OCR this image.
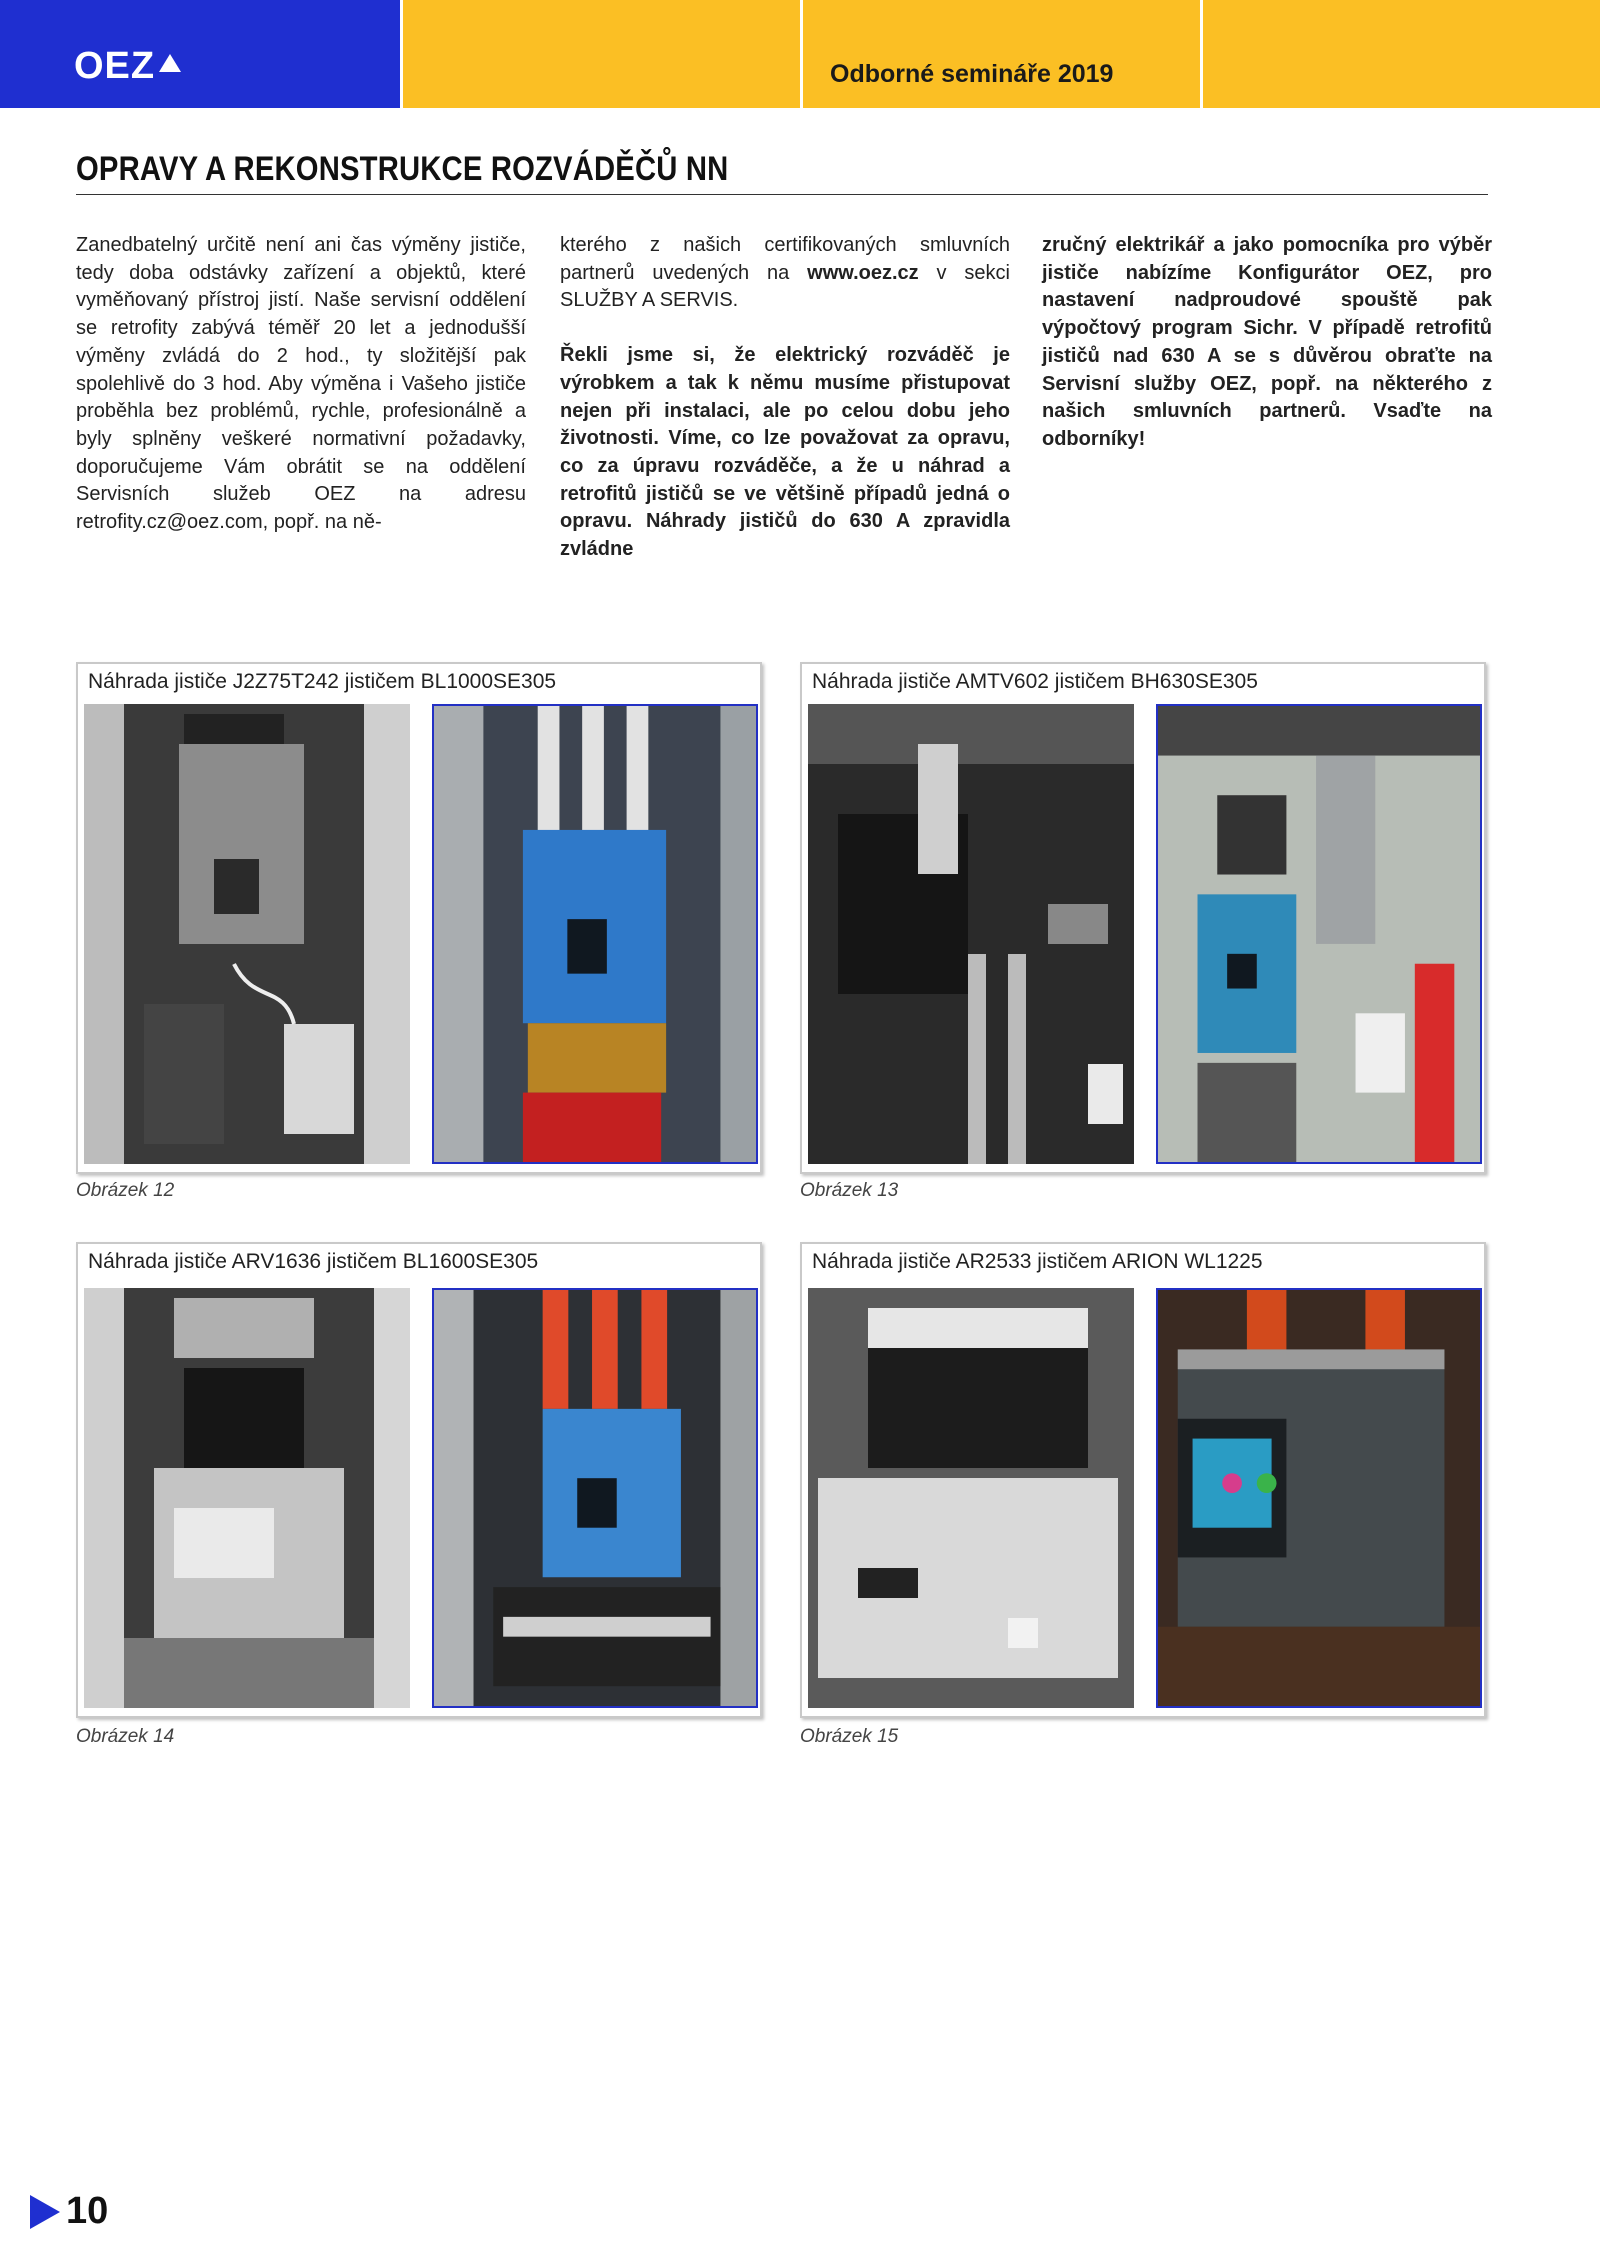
OEZ	Odborné semináře 2019
OPRAVY A REKONSTRUKCE ROZVÁDĚČŮ NN

Zanedbatelný určitě není ani čas výměny jističe, tedy doba odstávky zařízení a objektů, které vyměňovaný přístroj jistí. Naše servisní oddělení se retrofity zabývá téměř 20 let a jednodušší výměny zvládá do 2 hod., ty složitější pak spolehlivě do 3 hod. Aby výměna i Vašeho jističe proběhla bez problémů, rychle, profesionálně a byly splněny veškeré normativní požadavky, doporučujeme Vám obrátit se na oddělení Servisních služeb OEZ na adresu retrofity.cz@oez.com, popř. na ně-

kterého z našich certifikovaných smluvních partnerů uvedených na www.oez.cz v sekci SLUŽBY A SERVIS.

Řekli jsme si, že elektrický rozváděč je výrobkem a tak k němu musíme přistupovat nejen při instalaci, ale po celou dobu jeho životnosti. Víme, co lze považovat za opravu, co za úpravu rozváděče, a že u náhrad a retrofitů jističů se ve většině případů jedná o opravu. Náhrady jističů do 630 A zpravidla zvládne

zručný elektrikář a jako pomocníka pro výběr jističe nabízíme Konfigurátor OEZ, pro nastavení nadproudové spouště pak výpočtový program Sichr. V případě retrofitů jističů nad 630 A se s důvěrou obraťte na Servisní služby OEZ, popř. na některého z našich smluvních partnerů. Vsaďte na odborníky!

Náhrada jističe J2Z75T242 jističem BL1000SE305
Obrázek 12
Náhrada jističe AMTV602 jističem BH630SE305
Obrázek 13
Náhrada jističe ARV1636 jističem BL1600SE305
Obrázek 14
Náhrada jističe AR2533 jističem ARION WL1225
Obrázek 15
10
